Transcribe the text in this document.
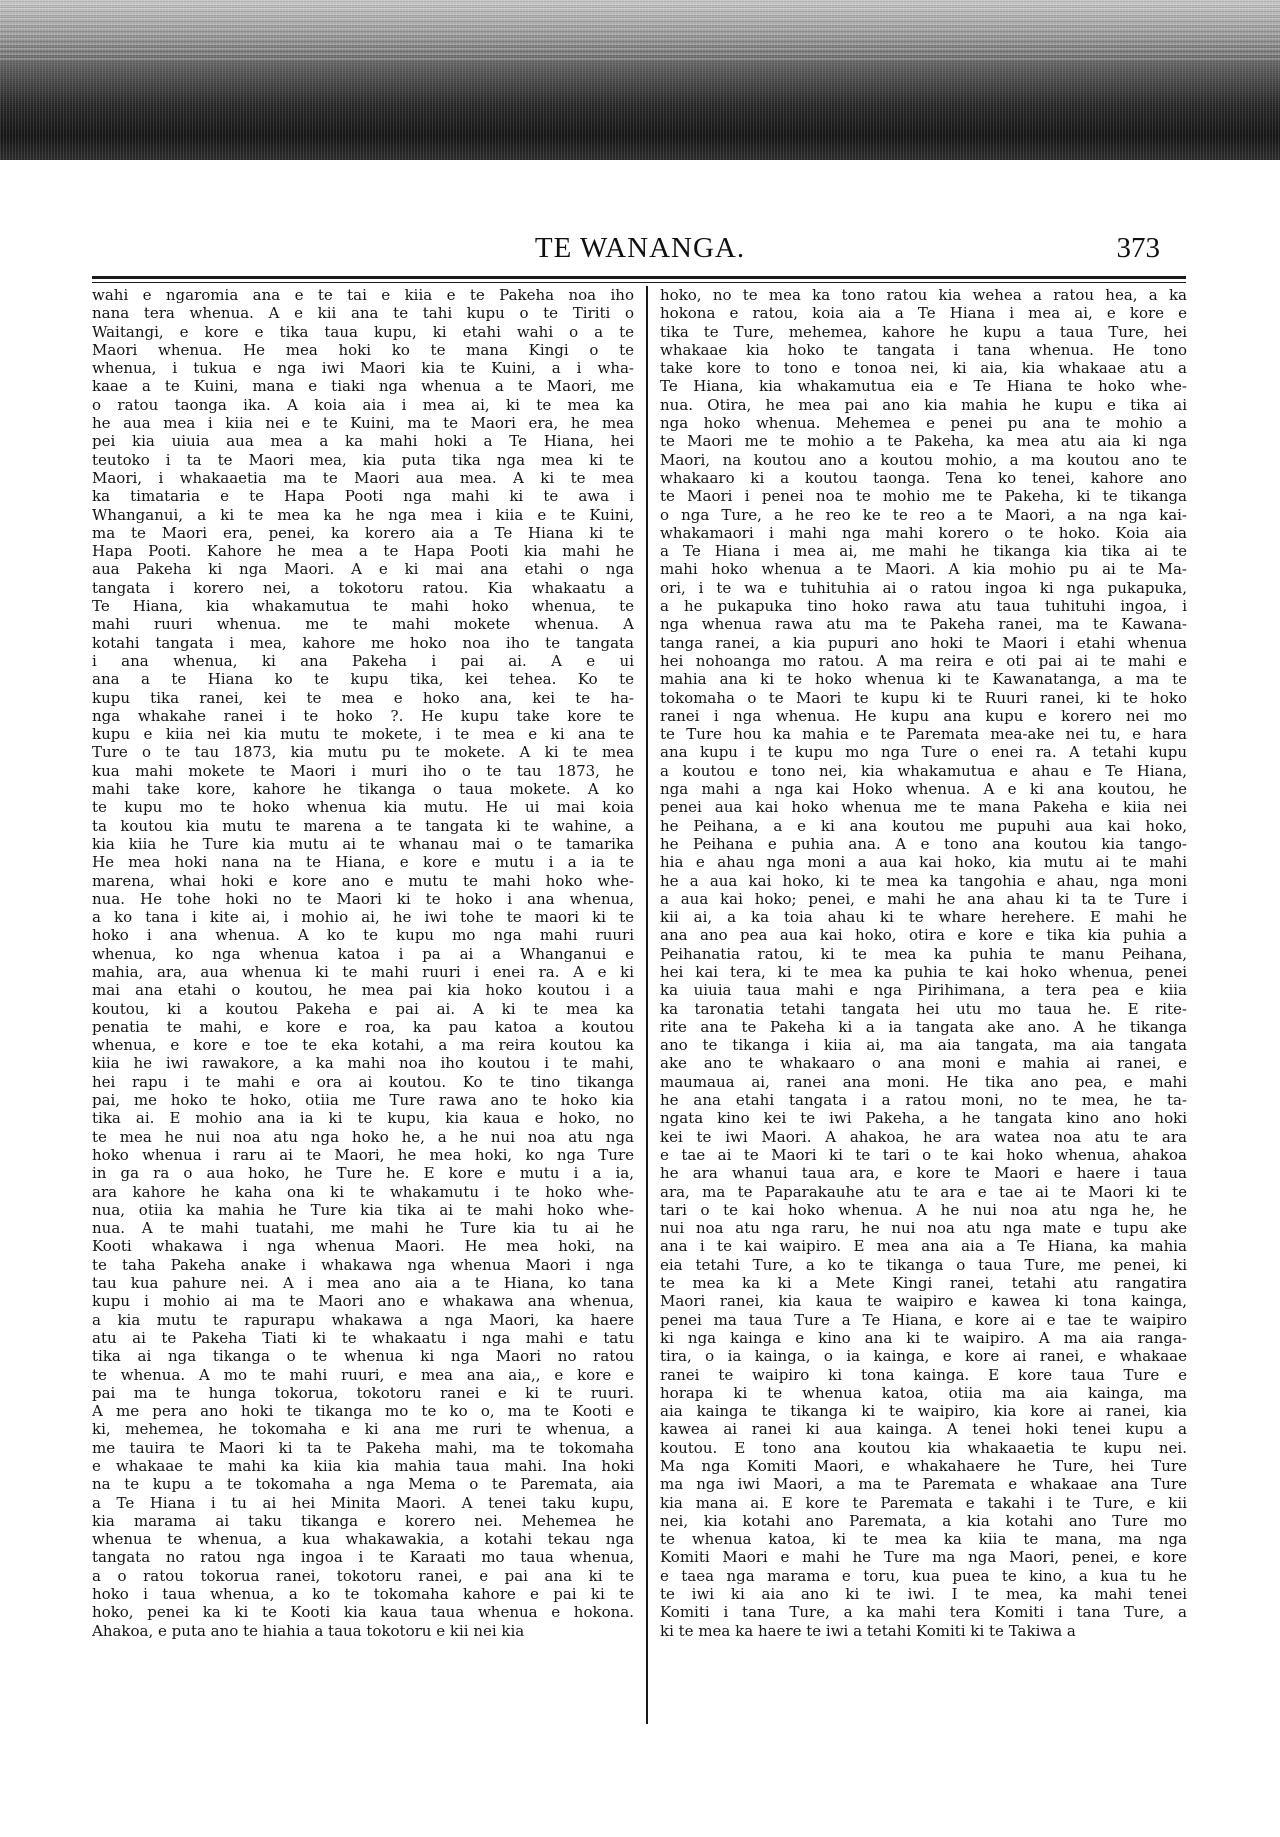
TE WANANGA.	373
wahi e ngaromia ana e te tai e kiia e te Pakeha noa iho
nana tera whenua. A e kii ana te tahi kupu o te Tiriti o
Waitangi, e kore e tika taua kupu, ki etahi wahi o a te
Maori whenua. He mea hoki ko te mana Kingi o te
whenua, i tukua e nga iwi Maori kia te Kuini, a i wha-
kaae a te Kuini, mana e tiaki nga whenua a te Maori, me
o ratou taonga ika. A koia aia i mea ai, ki te mea ka
he aua mea i kiia nei e te Kuini, ma te Maori era, he mea
pei kia uiuia aua mea a ka mahi hoki a Te Hiana, hei
teutoko i ta te Maori mea, kia puta tika nga mea ki te
Maori, i whakaaetia ma te Maori aua mea. A ki te mea
ka timataria e te Hapa Pooti nga mahi ki te awa i
Whanganui, a ki te mea ka he nga mea i kiia e te Kuini,
ma te Maori era, penei, ka korero aia a Te Hiana ki te
Hapa Pooti. Kahore he mea a te Hapa Pooti kia mahi he
aua Pakeha ki nga Maori. A e ki mai ana etahi o nga
tangata i korero nei, a tokotoru ratou. Kia whakaatu a
Te Hiana, kia whakamutua te mahi hoko whenua, te
mahi ruuri whenua. me te mahi mokete whenua. A
kotahi tangata i mea, kahore me hoko noa iho te tangata
i ana whenua, ki ana Pakeha i pai ai. A e ui
ana a te Hiana ko te kupu tika, kei tehea. Ko te
kupu tika ranei, kei te mea e hoko ana, kei te ha-
nga whakahe ranei i te hoko ?. He kupu take kore te
kupu e kiia nei kia mutu te mokete, i te mea e ki ana te
Ture o te tau 1873, kia mutu pu te mokete. A ki te mea
kua mahi mokete te Maori i muri iho o te tau 1873, he
mahi take kore, kahore he tikanga o taua mokete. A ko
te kupu mo te hoko whenua kia mutu. He ui mai koia
ta koutou kia mutu te marena a te tangata ki te wahine, a
kia kiia he Ture kia mutu ai te whanau mai o te tamarika
He mea hoki nana na te Hiana, e kore e mutu i a ia te
marena, whai hoki e kore ano e mutu te mahi hoko whe-
nua. He tohe hoki no te Maori ki te hoko i ana whenua,
a ko tana i kite ai, i mohio ai, he iwi tohe te maori ki te
hoko i ana whenua. A ko te kupu mo nga mahi ruuri
whenua, ko nga whenua katoa i pa ai a Whanganui e
mahia, ara, aua whenua ki te mahi ruuri i enei ra. A e ki
mai ana etahi o koutou, he mea pai kia hoko koutou i a
koutou, ki a koutou Pakeha e pai ai. A ki te mea ka
penatia te mahi, e kore e roa, ka pau katoa a koutou
whenua, e kore e toe te eka kotahi, a ma reira koutou ka
kiia he iwi rawakore, a ka mahi noa iho koutou i te mahi,
hei rapu i te mahi e ora ai koutou. Ko te tino tikanga
pai, me hoko te hoko, otiia me Ture rawa ano te hoko kia
tika ai. E mohio ana ia ki te kupu, kia kaua e hoko, no
te mea he nui noa atu nga hoko he, a he nui noa atu nga
hoko whenua i raru ai te Maori, he mea hoki, ko nga Ture
in ga ra o aua hoko, he Ture he. E kore e mutu i a ia,
ara kahore he kaha ona ki te whakamutu i te hoko whe-
nua, otiia ka mahia he Ture kia tika ai te mahi hoko whe-
nua. A te mahi tuatahi, me mahi he Ture kia tu ai he
Kooti whakawa i nga whenua Maori. He mea hoki, na
te taha Pakeha anake i whakawa nga whenua Maori i nga
tau kua pahure nei. A i mea ano aia a te Hiana, ko tana
kupu i mohio ai ma te Maori ano e whakawa ana whenua,
a kia mutu te rapurapu whakawa a nga Maori, ka haere
atu ai te Pakeha Tiati ki te whakaatu i nga mahi e tatu
tika ai nga tikanga o te whenua ki nga Maori no ratou
te whenua. A mo te mahi ruuri, e mea ana aia,, e kore e
pai ma te hunga tokorua, tokotoru ranei e ki te ruuri.
A me pera ano hoki te tikanga mo te ko o, ma te Kooti e
ki, mehemea, he tokomaha e ki ana me ruri te whenua, a
me tauira te Maori ki ta te Pakeha mahi, ma te tokomaha
e whakaae te mahi ka kiia kia mahia taua mahi. Ina hoki
na te kupu a te tokomaha a nga Mema o te Paremata, aia
a Te Hiana i tu ai hei Minita Maori. A tenei taku kupu,
kia marama ai taku tikanga e korero nei. Mehemea he
whenua te whenua, a kua whakawakia, a kotahi tekau nga
tangata no ratou nga ingoa i te Karaati mo taua whenua,
a o ratou tokorua ranei, tokotoru ranei, e pai ana ki te
hoko i taua whenua, a ko te tokomaha kahore e pai ki te
hoko, penei ka ki te Kooti kia kaua taua whenua e hokona.
Ahakoa, e puta ano te hiahia a taua tokotoru e kii nei kia
hoko, no te mea ka tono ratou kia wehea a ratou hea, a ka
hokona e ratou, koia aia a Te Hiana i mea ai, e kore e
tika te Ture, mehemea, kahore he kupu a taua Ture, hei
whakaae kia hoko te tangata i tana whenua. He tono
take kore to tono e tonoa nei, ki aia, kia whakaae atu a
Te Hiana, kia whakamutua eia e Te Hiana te hoko whe-
nua. Otira, he mea pai ano kia mahia he kupu e tika ai
nga hoko whenua. Mehemea e penei pu ana te mohio a
te Maori me te mohio a te Pakeha, ka mea atu aia ki nga
Maori, na koutou ano a koutou mohio, a ma koutou ano te
whakaaro ki a koutou taonga. Tena ko tenei, kahore ano
te Maori i penei noa te mohio me te Pakeha, ki te tikanga
o nga Ture, a he reo ke te reo a te Maori, a na nga kai-
whakamaori i mahi nga mahi korero o te hoko. Koia aia
a Te Hiana i mea ai, me mahi he tikanga kia tika ai te
mahi hoko whenua a te Maori. A kia mohio pu ai te Ma-
ori, i te wa e tuhituhia ai o ratou ingoa ki nga pukapuka,
a he pukapuka tino hoko rawa atu taua tuhituhi ingoa, i
nga whenua rawa atu ma te Pakeha ranei, ma te Kawana-
tanga ranei, a kia pupuri ano hoki te Maori i etahi whenua
hei nohoanga mo ratou. A ma reira e oti pai ai te mahi e
mahia ana ki te hoko whenua ki te Kawanatanga, a ma te
tokomaha o te Maori te kupu ki te Ruuri ranei, ki te hoko
ranei i nga whenua. He kupu ana kupu e korero nei mo
te Ture hou ka mahia e te Paremata mea-ake nei tu, e hara
ana kupu i te kupu mo nga Ture o enei ra. A tetahi kupu
a koutou e tono nei, kia whakamutua e ahau e Te Hiana,
nga mahi a nga kai Hoko whenua. A e ki ana koutou, he
penei aua kai hoko whenua me te mana Pakeha e kiia nei
he Peihana, a e ki ana koutou me pupuhi aua kai hoko,
he Peihana e puhia ana. A e tono ana koutou kia tango-
hia e ahau nga moni a aua kai hoko, kia mutu ai te mahi
he a aua kai hoko, ki te mea ka tangohia e ahau, nga moni
a aua kai hoko; penei, e mahi he ana ahau ki ta te Ture i
kii ai, a ka toia ahau ki te whare herehere. E mahi he
ana ano pea aua kai hoko, otira e kore e tika kia puhia a
Peihanatia ratou, ki te mea ka puhia te manu Peihana,
hei kai tera, ki te mea ka puhia te kai hoko whenua, penei
ka uiuia taua mahi e nga Pirihimana, a tera pea e kiia
ka taronatia tetahi tangata hei utu mo taua he. E rite-
rite ana te Pakeha ki a ia tangata ake ano. A he tikanga
ano te tikanga i kiia ai, ma aia tangata, ma aia tangata
ake ano te whakaaro o ana moni e mahia ai ranei, e
maumaua ai, ranei ana moni. He tika ano pea, e mahi
he ana etahi tangata i a ratou moni, no te mea, he ta-
ngata kino kei te iwi Pakeha, a he tangata kino ano hoki
kei te iwi Maori. A ahakoa, he ara watea noa atu te ara
e tae ai te Maori ki te tari o te kai hoko whenua, ahakoa
he ara whanui taua ara, e kore te Maori e haere i taua
ara, ma te Paparakauhe atu te ara e tae ai te Maori ki te
tari o te kai hoko whenua. A he nui noa atu nga he, he
nui noa atu nga raru, he nui noa atu nga mate e tupu ake
ana i te kai waipiro. E mea ana aia a Te Hiana, ka mahia
eia tetahi Ture, a ko te tikanga o taua Ture, me penei, ki
te mea ka ki a Mete Kingi ranei, tetahi atu rangatira
Maori ranei, kia kaua te waipiro e kawea ki tona kainga,
penei ma taua Ture a Te Hiana, e kore ai e tae te waipiro
ki nga kainga e kino ana ki te waipiro. A ma aia ranga-
tira, o ia kainga, o ia kainga, e kore ai ranei, e whakaae
ranei te waipiro ki tona kainga. E kore taua Ture e
horapa ki te whenua katoa, otiia ma aia kainga, ma
aia kainga te tikanga ki te waipiro, kia kore ai ranei, kia
kawea ai ranei ki aua kainga. A tenei hoki tenei kupu a
koutou. E tono ana koutou kia whakaaetia te kupu nei.
Ma nga Komiti Maori, e whakahaere he Ture, hei Ture
ma nga iwi Maori, a ma te Paremata e whakaae ana Ture
kia mana ai. E kore te Paremata e takahi i te Ture, e kii
nei, kia kotahi ano Paremata, a kia kotahi ano Ture mo
te whenua katoa, ki te mea ka kiia te mana, ma nga
Komiti Maori e mahi he Ture ma nga Maori, penei, e kore
e taea nga marama e toru, kua puea te kino, a kua tu he
te iwi ki aia ano ki te iwi. I te mea, ka mahi tenei
Komiti i tana Ture, a ka mahi tera Komiti i tana Ture, a
ki te mea ka haere te iwi a tetahi Komiti ki te Takiwa a
